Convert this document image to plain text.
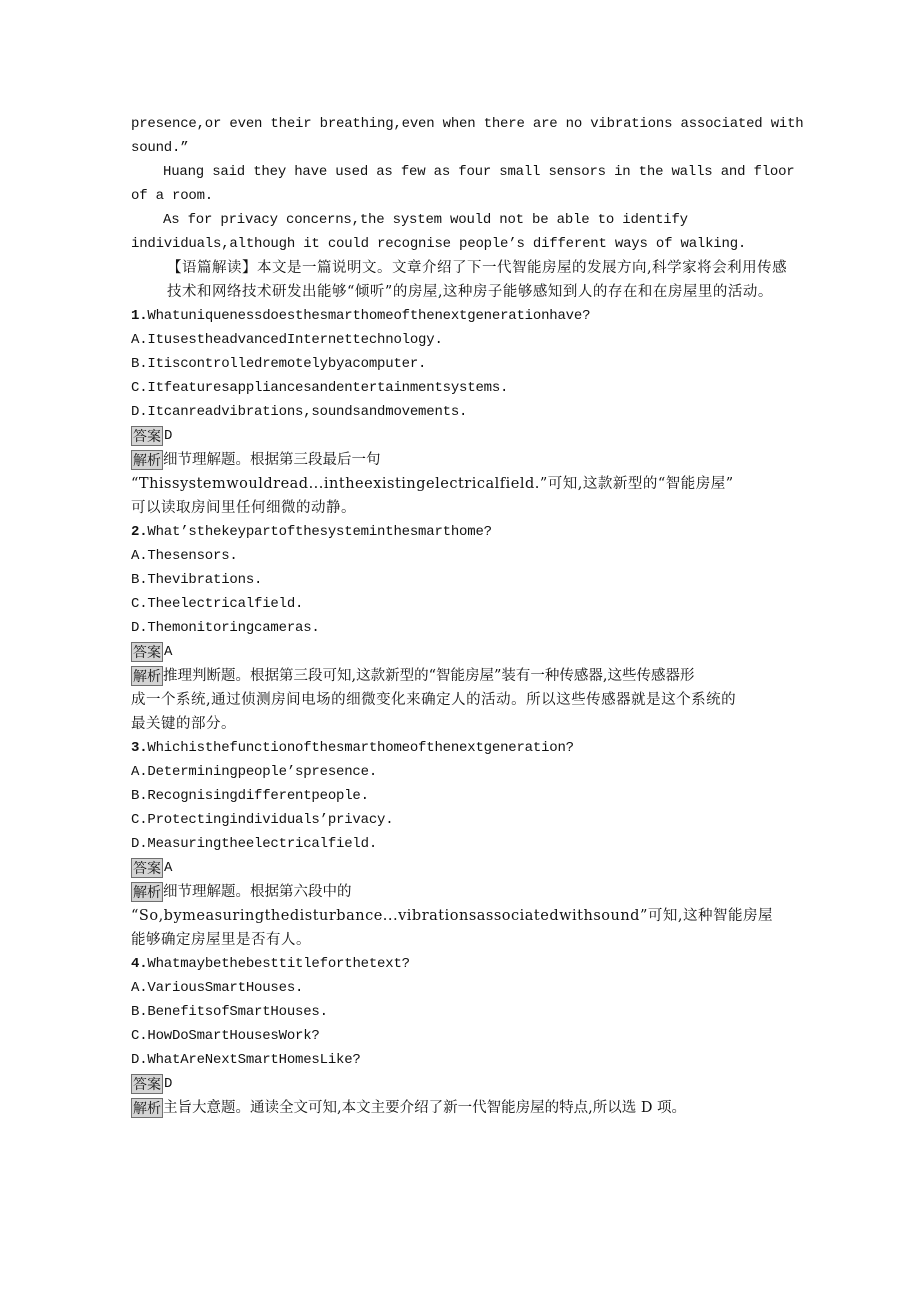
presence,or even their breathing,even when there are no vibrations associated with
sound.”
Huang said they have used as few as four small sensors in the walls and floor
of a room.
As for privacy concerns,the system would not be able to identify
individuals,although it could recognise people’s different ways of walking.
【语篇解读】本文是一篇说明文。文章介绍了下一代智能房屋的发展方向,科学家将会利用传感技术和网络技术研发出能够“倾听”的房屋,这种房子能够感知到人的存在和在房屋里的活动。
1.Whatuniquenessdoesthesmarthomeofthenextgenerationhave?
A.ItusestheadvancedInternettechnology.
B.Itiscontrolledremotelybyacomputer.
C.Itfeaturesappliancesandentertainmentsystems.
D.Itcanreadvibrations,soundsandmovements.
答案 D
解析 细节理解题。根据第三段最后一句
“Thissystemwouldread...intheexistingelectricalfield.”可知,这款新型的“智能房屋”
可以读取房间里任何细微的动静。
2.What’sthekeypartofthesysteminthesmarthome?
A.Thesensors.
B.Thevibrations.
C.Theelectricalfield.
D.Themonitoringcameras.
答案 A
解析 推理判断题。根据第三段可知,这款新型的“智能房屋”装有一种传感器,这些传感器形
成一个系统,通过侦测房间电场的细微变化来确定人的活动。所以这些传感器就是这个系统的
最关键的部分。
3.Whichisthefunctionofthesmarthomeofthenextgeneration?
A.Determiningpeople’spresence.
B.Recognisingdifferentpeople.
C.Protectingindividuals’privacy.
D.Measuringtheelectricalfield.
答案 A
解析 细节理解题。根据第六段中的
“So,bymeasuringthedisturbance...vibrationsassociatedwithsound”可知,这种智能房屋
能够确定房屋里是否有人。
4.Whatmaybethebesttitleforthetext?
A.VariousSmartHouses.
B.BenefitsofSmartHouses.
C.HowDoSmartHousesWork?
D.WhatAreNextSmartHomesLike?
答案 D
解析 主旨大意题。通读全文可知,本文主要介绍了新一代智能房屋的特点,所以选 D 项。
